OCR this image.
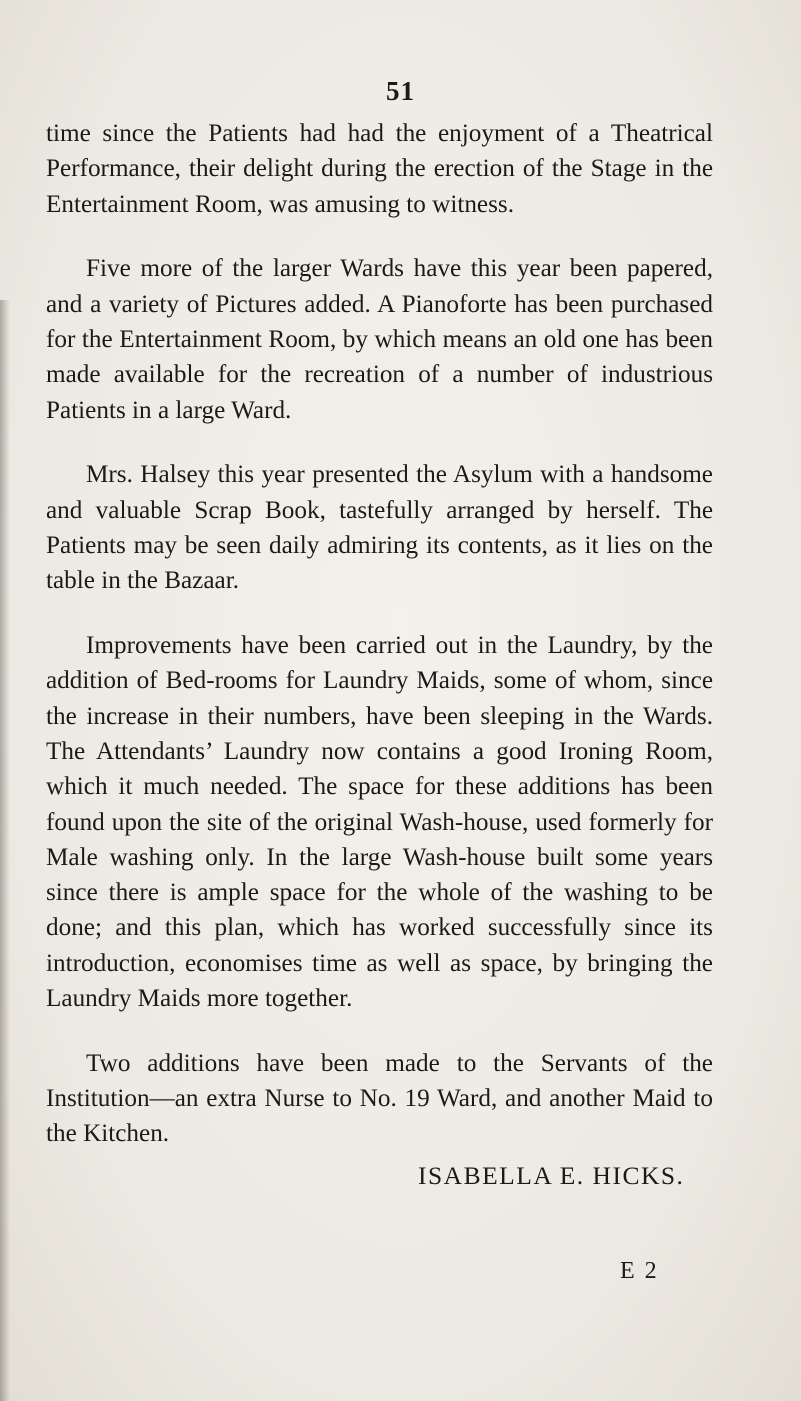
51

time since the Patients had had the enjoyment of a Theatrical Performance, their delight during the erection of the Stage in the Entertainment Room, was amusing to witness.

Five more of the larger Wards have this year been papered, and a variety of Pictures added. A Pianoforte has been purchased for the Entertainment Room, by which means an old one has been made available for the recreation of a number of industrious Patients in a large Ward.

Mrs. Halsey this year presented the Asylum with a handsome and valuable Scrap Book, tastefully arranged by herself. The Patients may be seen daily admiring its contents, as it lies on the table in the Bazaar.

Improvements have been carried out in the Laundry, by the addition of Bed-rooms for Laundry Maids, some of whom, since the increase in their numbers, have been sleeping in the Wards. The Attendants’ Laundry now contains a good Ironing Room, which it much needed. The space for these additions has been found upon the site of the original Wash-house, used formerly for Male washing only. In the large Wash-house built some years since there is ample space for the whole of the washing to be done; and this plan, which has worked successfully since its introduction, economises time as well as space, by bringing the Laundry Maids more together.

Two additions have been made to the Servants of the Institution—an extra Nurse to No. 19 Ward, and another Maid to the Kitchen.

ISABELLA E. HICKS.
E 2
